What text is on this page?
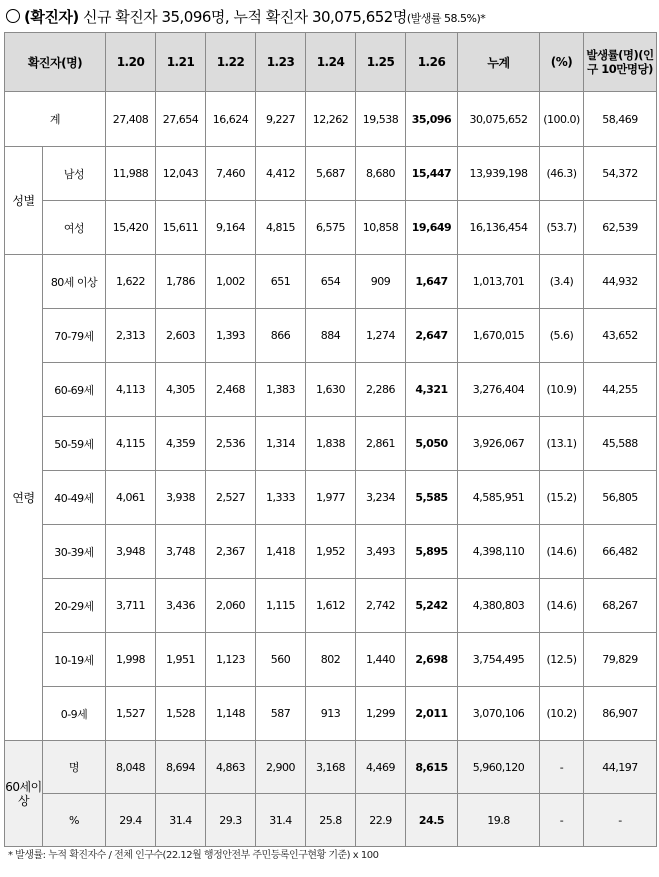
(확진자) 신규 확진자 35,096명, 누적 확진자 30,075,652명(발생률 58.5%)*
확진자(명)		1.20	1.21	1.22	1.23	1.24	1.25	1.26	누계	(%)	발생률(명)(인구 10만명당)
계		27,408	27,654	16,624	9,227	12,262	19,538	35,096	30,075,652	(100.0)	58,469
성별	남성	11,988	12,043	7,460	4,412	5,687	8,680	15,447	13,939,198	(46.3)	54,372
	여성	15,420	15,611	9,164	4,815	6,575	10,858	19,649	16,136,454	(53.7)	62,539
연령	80세 이상	1,622	1,786	1,002	651	654	909	1,647	1,013,701	(3.4)	44,932
	70-79세	2,313	2,603	1,393	866	884	1,274	2,647	1,670,015	(5.6)	43,652
	60-69세	4,113	4,305	2,468	1,383	1,630	2,286	4,321	3,276,404	(10.9)	44,255
	50-59세	4,115	4,359	2,536	1,314	1,838	2,861	5,050	3,926,067	(13.1)	45,588
	40-49세	4,061	3,938	2,527	1,333	1,977	3,234	5,585	4,585,951	(15.2)	56,805
	30-39세	3,948	3,748	2,367	1,418	1,952	3,493	5,895	4,398,110	(14.6)	66,482
	20-29세	3,711	3,436	2,060	1,115	1,612	2,742	5,242	4,380,803	(14.6)	68,267
	10-19세	1,998	1,951	1,123	560	802	1,440	2,698	3,754,495	(12.5)	79,829
	0-9세	1,527	1,528	1,148	587	913	1,299	2,011	3,070,106	(10.2)	86,907
60세이상	명	8,048	8,694	4,863	2,900	3,168	4,469	8,615	5,960,120	-	44,197
	%	29.4	31.4	29.3	31.4	25.8	22.9	24.5	19.8	-	-
* 발생률: 누적 확진자수 / 전체 인구수(22.12월 행정안전부 주민등록인구현황 기준) x 100
